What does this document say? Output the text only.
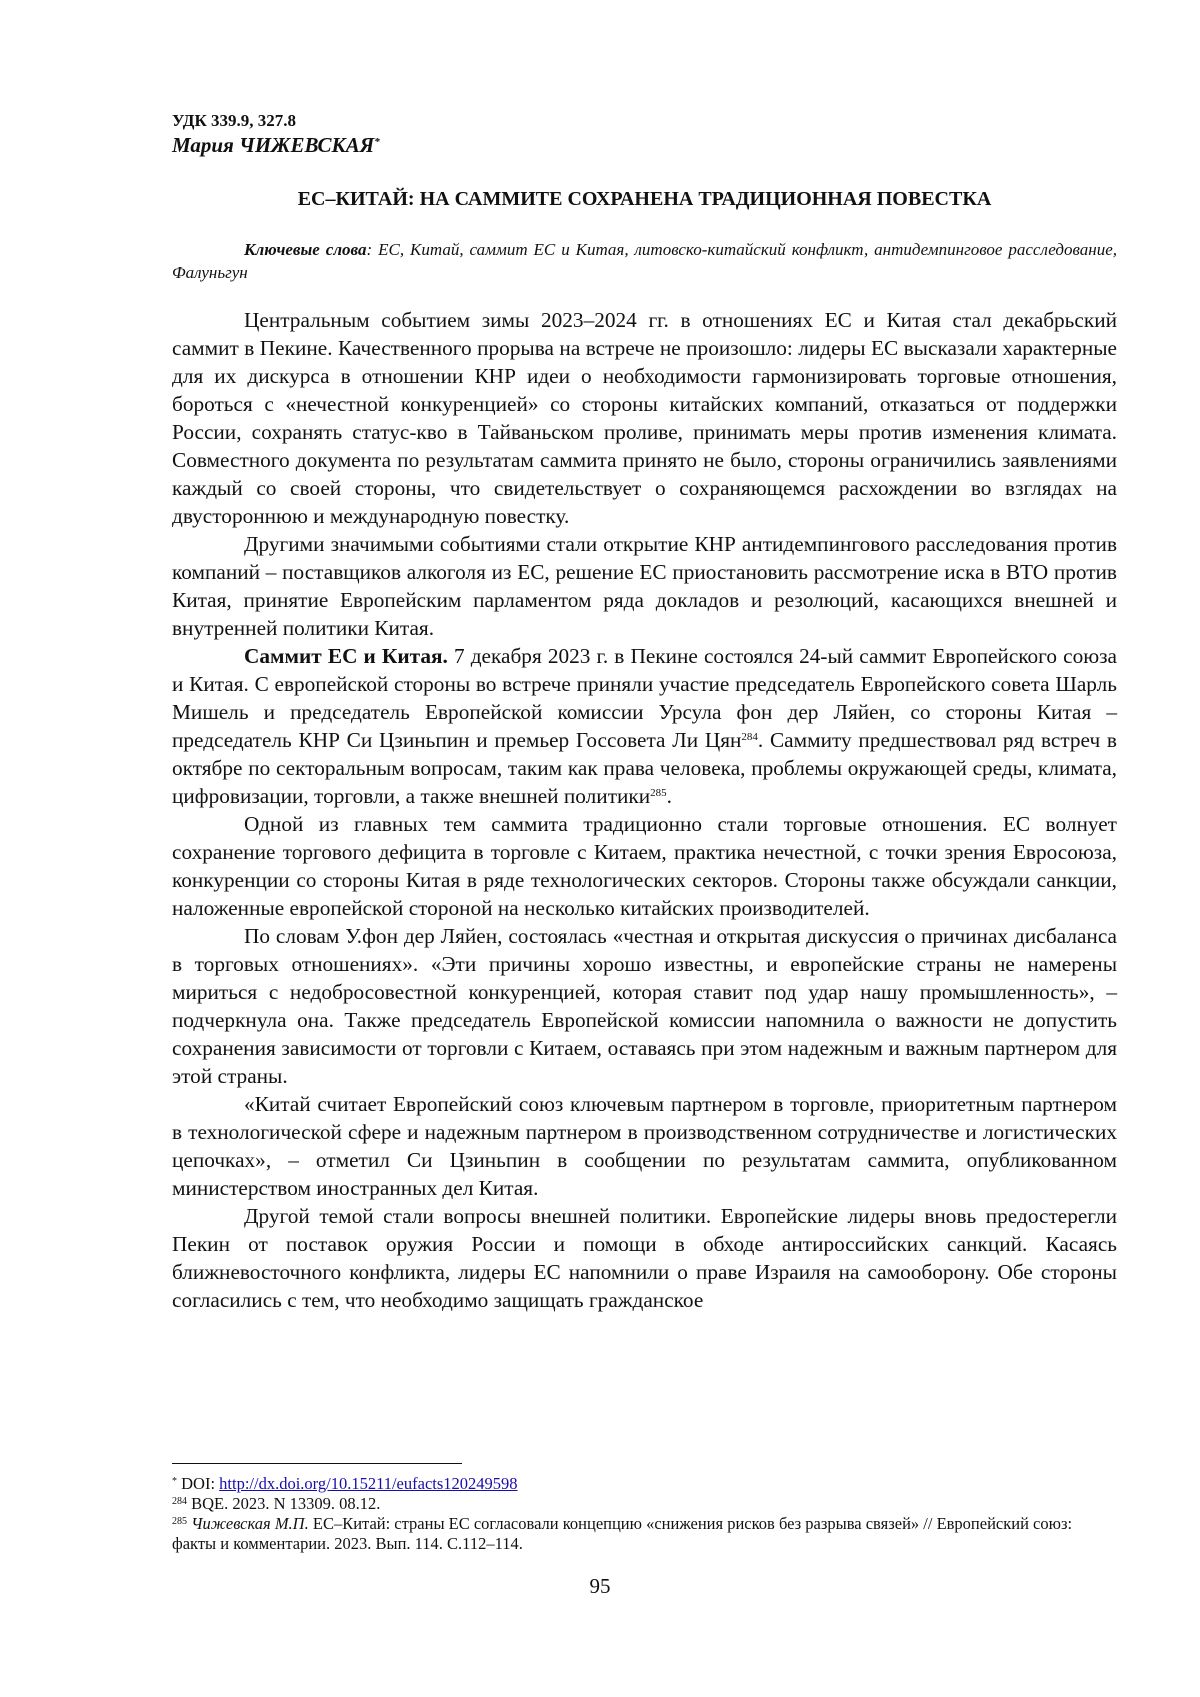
УДК 339.9, 327.8
Мария ЧИЖЕВСКАЯ*
ЕС–КИТАЙ: НА САММИТЕ СОХРАНЕНА ТРАДИЦИОННАЯ ПОВЕСТКА
Ключевые слова: ЕС, Китай, саммит ЕС и Китая, литовско-китайский конфликт, антидемпинговое расследование, Фалуньгун

Центральным событием зимы 2023–2024 гг. в отношениях ЕС и Китая стал декабрьский саммит в Пекине. Качественного прорыва на встрече не произошло: лидеры ЕС высказали характерные для их дискурса в отношении КНР идеи о необходимости гармонизировать торговые отношения, бороться с «нечестной конкуренцией» со стороны китайских компаний, отказаться от поддержки России, сохранять статус-кво в Тайваньском проливе, принимать меры против изменения климата. Совместного документа по результатам саммита принято не было, стороны ограничились заявлениями каждый со своей стороны, что свидетельствует о сохраняющемся расхождении во взглядах на двустороннюю и международную повестку.

Другими значимыми событиями стали открытие КНР антидемпингового расследования против компаний – поставщиков алкоголя из ЕС, решение ЕС приостановить рассмотрение иска в ВТО против Китая, принятие Европейским парламентом ряда докладов и резолюций, касающихся внешней и внутренней политики Китая.

Саммит ЕС и Китая. 7 декабря 2023 г. в Пекине состоялся 24-ый саммит Европейского союза и Китая. С европейской стороны во встрече приняли участие председатель Европейского совета Шарль Мишель и председатель Европейской комиссии Урсула фон дер Ляйен, со стороны Китая – председатель КНР Си Цзиньпин и премьер Госсовета Ли Цян$^{284}$. Саммиту предшествовал ряд встреч в октябре по секторальным вопросам, таким как права человека, проблемы окружающей среды, климата, цифровизации, торговли, а также внешней политики$^{285}$.

Одной из главных тем саммита традиционно стали торговые отношения. ЕС волнует сохранение торгового дефицита в торговле с Китаем, практика нечестной, с точки зрения Евросоюза, конкуренции со стороны Китая в ряде технологических секторов. Стороны также обсуждали санкции, наложенные европейской стороной на несколько китайских производителей.

По словам У.фон дер Ляйен, состоялась «честная и открытая дискуссия о причинах дисбаланса в торговых отношениях». «Эти причины хорошо известны, и европейские страны не намерены мириться с недобросовестной конкуренцией, которая ставит под удар нашу промышленность», – подчеркнула она. Также председатель Европейской комиссии напомнила о важности не допустить сохранения зависимости от торговли с Китаем, оставаясь при этом надежным и важным партнером для этой страны.

«Китай считает Европейский союз ключевым партнером в торговле, приоритетным партнером в технологической сфере и надежным партнером в производственном сотрудничестве и логистических цепочках», – отметил Си Цзиньпин в сообщении по результатам саммита, опубликованном министерством иностранных дел Китая.

Другой темой стали вопросы внешней политики. Европейские лидеры вновь предостерегли Пекин от поставок оружия России и помощи в обходе антироссийских санкций. Касаясь ближневосточного конфликта, лидеры ЕС напомнили о праве Израиля на самооборону. Обе стороны согласились с тем, что необходимо защищать гражданское

* DOI: http://dx.doi.org/10.15211/eufacts120249598
$^{284}$ BQE. 2023. N 13309. 08.12.
$^{285}$ Чижевская М.П. ЕС–Китай: страны ЕС согласовали концепцию «снижения рисков без разрыва связей» // Европейский союз: факты и комментарии. 2023. Вып. 114. С.112–114.
95
